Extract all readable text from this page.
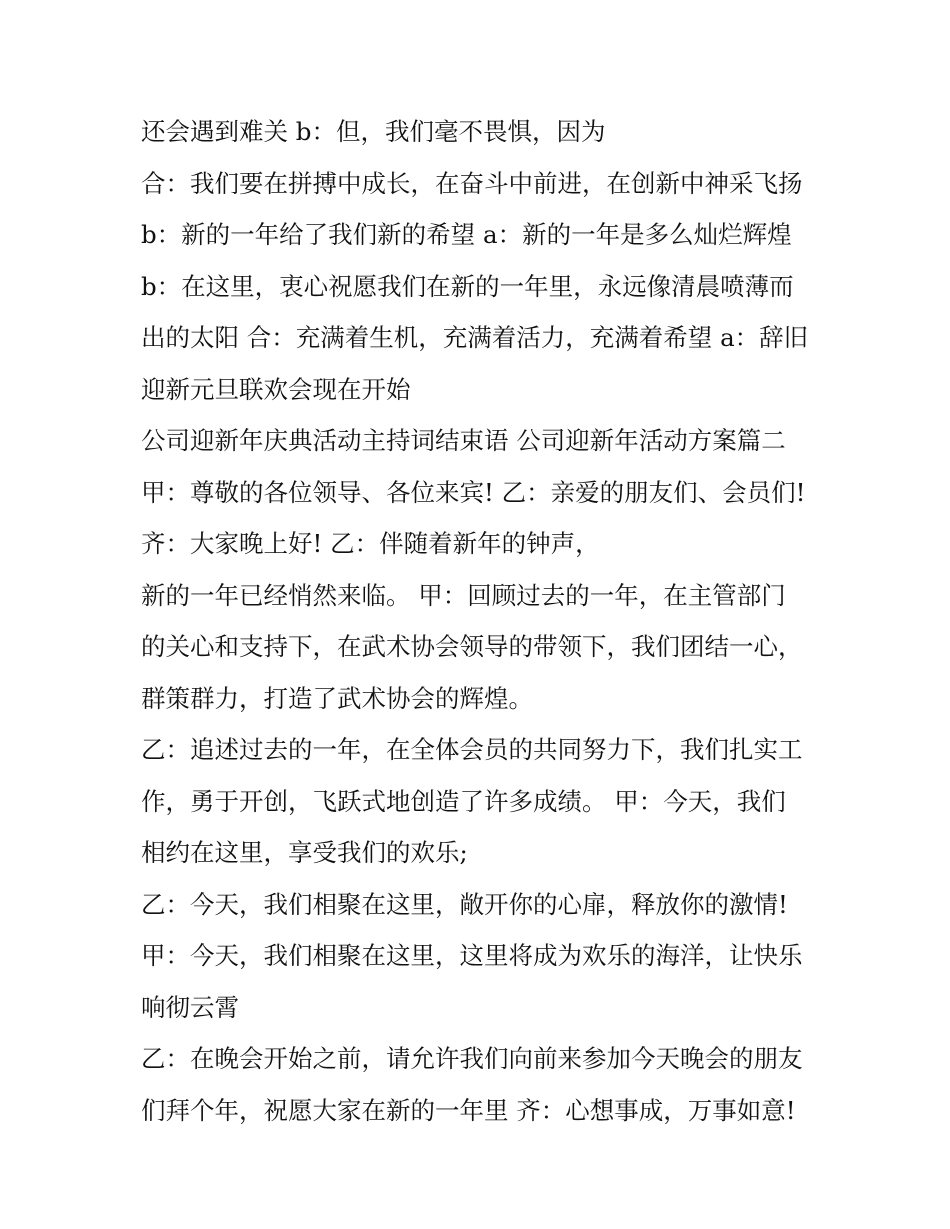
还会遇到难关 b：但，我们毫不畏惧，因为
合：我们要在拼搏中成长，在奋斗中前进，在创新中神采飞扬
b：新的一年给了我们新的希望 a：新的一年是多么灿烂辉煌
b：在这里，衷心祝愿我们在新的一年里，永远像清晨喷薄而
出的太阳 合：充满着生机，充满着活力，充满着希望 a：辞旧
迎新元旦联欢会现在开始
公司迎新年庆典活动主持词结束语 公司迎新年活动方案篇二
甲：尊敬的各位领导、各位来宾! 乙：亲爱的朋友们、会员们!
齐：大家晚上好! 乙：伴随着新年的钟声，
新的一年已经悄然来临。 甲：回顾过去的一年，在主管部门
的关心和支持下，在武术协会领导的带领下，我们团结一心，
群策群力，打造了武术协会的辉煌。
乙：追述过去的一年，在全体会员的共同努力下，我们扎实工
作，勇于开创，飞跃式地创造了许多成绩。 甲：今天，我们
相约在这里，享受我们的欢乐;
乙：今天，我们相聚在这里，敞开你的心扉，释放你的激情!
甲：今天，我们相聚在这里，这里将成为欢乐的海洋，让快乐
响彻云霄
乙：在晚会开始之前，请允许我们向前来参加今天晚会的朋友
们拜个年，祝愿大家在新的一年里 齐：心想事成，万事如意!
